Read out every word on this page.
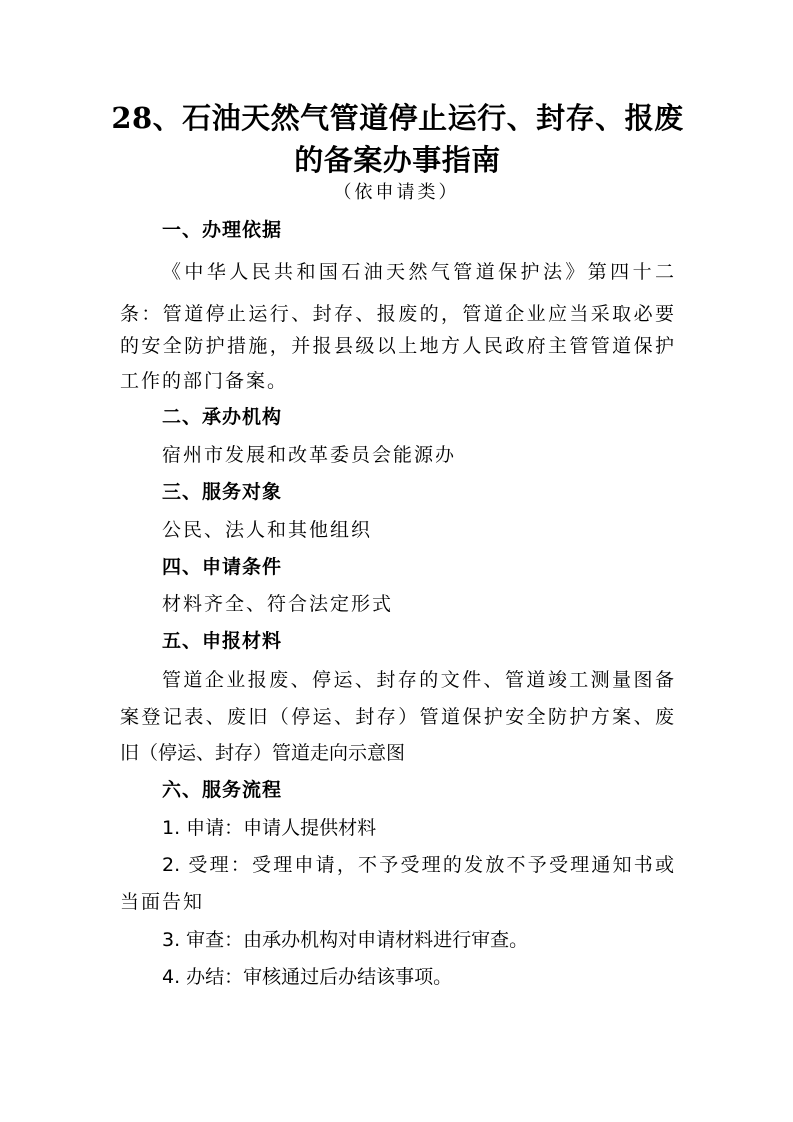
28、石油天然气管道停止运行、封存、报废
的备案办事指南
（依申请类）
一、办理依据
《中华人民共和国石油天然气管道保护法》第四十二
条：管道停止运行、封存、报废的，管道企业应当采取必要
的安全防护措施，并报县级以上地方人民政府主管管道保护
工作的部门备案。
二、承办机构
宿州市发展和改革委员会能源办
三、服务对象
公民、法人和其他组织
四、申请条件
材料齐全、符合法定形式
五、申报材料
管道企业报废、停运、封存的文件、管道竣工测量图备
案登记表、废旧（停运、封存）管道保护安全防护方案、废
旧（停运、封存）管道走向示意图
六、服务流程
1. 申请：申请人提供材料
2. 受理：受理申请，不予受理的发放不予受理通知书或
当面告知
3. 审查：由承办机构对申请材料进行审查。
4. 办结：审核通过后办结该事项。
